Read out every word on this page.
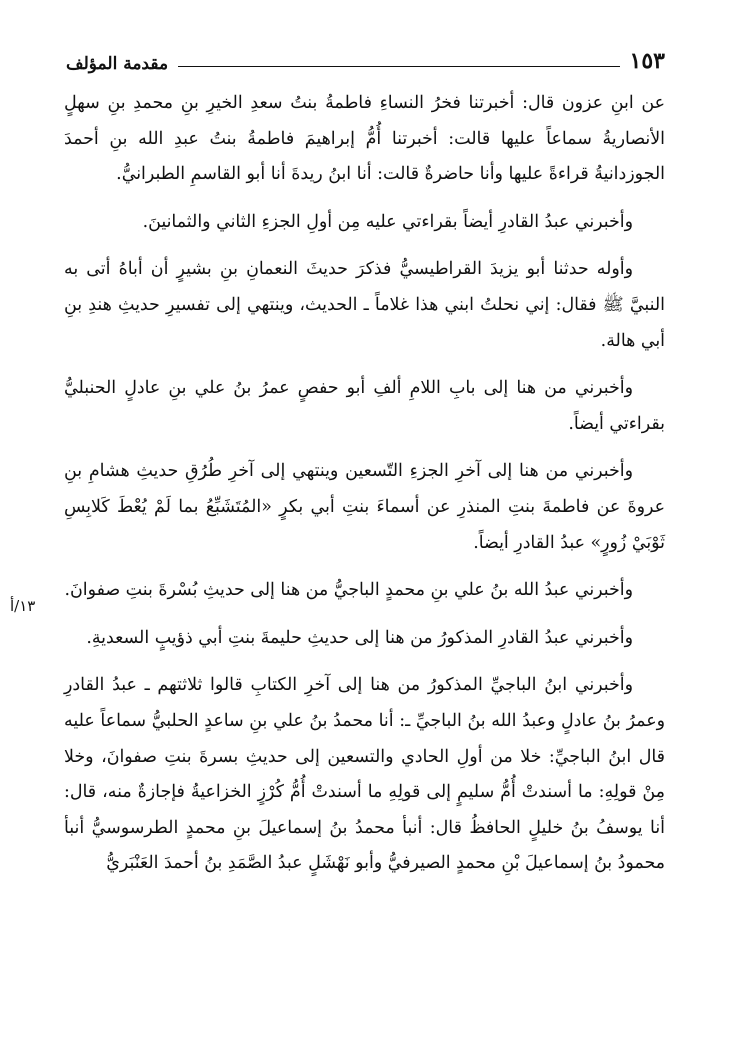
١٥٣
مقدمة المؤلف

عن ابنِ عزون قال: أخبرتنا فخرُ النساءِ فاطمةُ بنتُ سعدِ الخيرِ بنِ محمدِ بنِ سهلٍ الأنصاريةُ سماعاً عليها قالت: أخبرتنا أُمُّ إبراهيمَ فاطمةُ بنتُ عبدِ الله بنِ أحمدَ الجوزدانيةُ قراءةً عليها وأنا حاضرةٌ قالت: أنا ابنُ ريدةَ أنا أبو القاسمِ الطبرانيُّ.

وأخبرني عبدُ القادرِ أيضاً بقراءتي عليه مِن أولِ الجزءِ الثاني والثمانينَ.

وأوله حدثنا أبو يزيدَ القراطيسيُّ فذكرَ حديثَ النعمانِ بنِ بشيرٍ أن أباهُ أتى به النبيَّ ﷺ فقال: إني نحلتُ ابني هذا غلاماً ـ الحديث، وينتهي إلى تفسيرِ حديثِ هندِ بنِ أبي هالة.

وأخبرني من هنا إلى بابِ اللامِ ألفِ أبو حفصٍ عمرُ بنُ علي بنِ عادلٍ الحنبليُّ بقراءتي أيضاً.

وأخبرني من هنا إلى آخرِ الجزءِ التّسعين وينتهي إلى آخرِ طُرُقِ حديثِ هشامِ بنِ عروةَ عن فاطمةَ بنتِ المنذرِ عن أسماءَ بنتِ أبي بكرٍ «المُتَشَبِّعُ بما لَمْ يُعْطَ كَلابِسِ ثَوْبَيْ زُورٍ» عبدُ القادرِ أيضاً.

وأخبرني عبدُ الله بنُ علي بنِ محمدٍ الباجيُّ من هنا إلى حديثِ بُسْرةَ بنتِ صفوانَ.

وأخبرني عبدُ القادرِ المذكورُ من هنا إلى حديثِ حليمةَ بنتِ أبي ذؤيبٍ السعديةِ.

وأخبرني ابنُ الباجيِّ المذكورُ من هنا إلى آخرِ الكتابِ قالوا ثلاثتهم ـ عبدُ القادرِ وعمرُ بنُ عادلٍ وعبدُ الله بنُ الباجيِّ ـ: أنا محمدُ بنُ علي بنِ ساعدٍ الحلبيُّ سماعاً عليه قال ابنُ الباجيِّ: خلا من أولِ الحادي والتسعين إلى حديثِ بسرةَ بنتِ صفوانَ، وخلا مِنْ قولِهِ: ما أسندتْ أُمُّ سليمٍ إلى قولِهِ ما أسندتْ أُمُّ كُرْزٍ الخزاعيةُ فإجازةٌ منه، قال: أنا يوسفُ بنُ خليلٍ الحافظُ قال: أنبأ محمدُ بنُ إسماعيلَ بنِ محمدٍ الطرسوسيُّ أنبأ محمودُ بنُ إسماعيلَ بْنِ محمدٍ الصيرفيُّ وأبو نَهْشَلٍ عبدُ الصَّمَدِ بنُ أحمدَ العَنْبَريُّ

١٣/أ
